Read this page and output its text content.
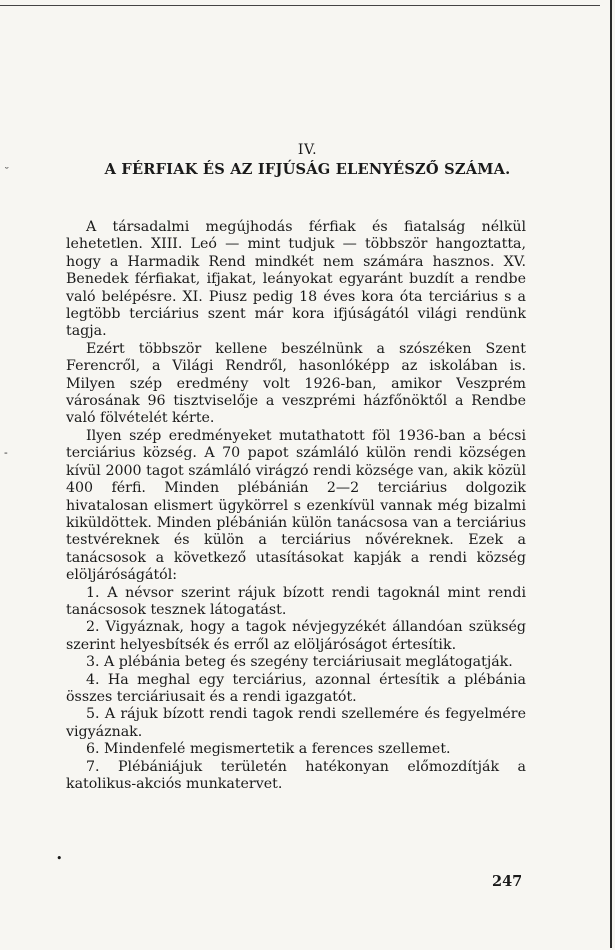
˘
-
IV.
A FÉRFIAK ÉS AZ IFJÚSÁG ELENYÉSZŐ SZÁMA.

A társadalmi megújhodás férfiak és fiatalság nélkül lehetetlen. XIII. Leó — mint tudjuk — többször hangoztatta, hogy a Harmadik Rend mindkét nem számára hasznos. XV. Benedek férfiakat, ifjakat, leányokat egyaránt buzdít a rendbe való belépésre. XI. Piusz pedig 18 éves kora óta terciárius s a legtöbb terciárius szent már kora ifjúságától világi rendünk tagja.

Ezért többször kellene beszélnünk a szószéken Szent Ferencről, a Világi Rendről, hasonlóképp az iskolában is. Milyen szép eredmény volt 1926-ban, amikor Veszprém városának 96 tisztviselője a veszprémi házfőnöktől a Rendbe való fölvételét kérte.

Ilyen szép eredményeket mutathatott föl 1936-ban a bécsi terciárius község. A 70 papot számláló külön rendi községen kívül 2000 tagot számláló virágzó rendi községe van, akik közül 400 férfi. Minden plébánián 2—2 terciárius dolgozik hivatalosan elismert ügykörrel s ezenkívül vannak még bizalmi kiküldöttek. Minden plébánián külön tanácsosa van a terciárius testvéreknek és külön a terciárius nővéreknek. Ezek a tanácsosok a következő utasításokat kapják a rendi község elöljáróságától:

1. A névsor szerint rájuk bízott rendi tagoknál mint rendi tanácsosok tesznek látogatást.

2. Vigyáznak, hogy a tagok névjegyzékét állandóan szükség szerint helyesbítsék és erről az elöljáróságot értesítik.

3. A plébánia beteg és szegény terciáriusait meglátogatják.

4. Ha meghal egy terciárius, azonnal értesítik a plébánia összes terciáriusait és a rendi igazgatót.

5. A rájuk bízott rendi tagok rendi szellemére és fegyelmére vigyáznak.

6. Mindenfelé megismertetik a ferences szellemet.

7. Plébániájuk területén hatékonyan előmozdítják a katolikus-akciós munkatervet.

•
247
